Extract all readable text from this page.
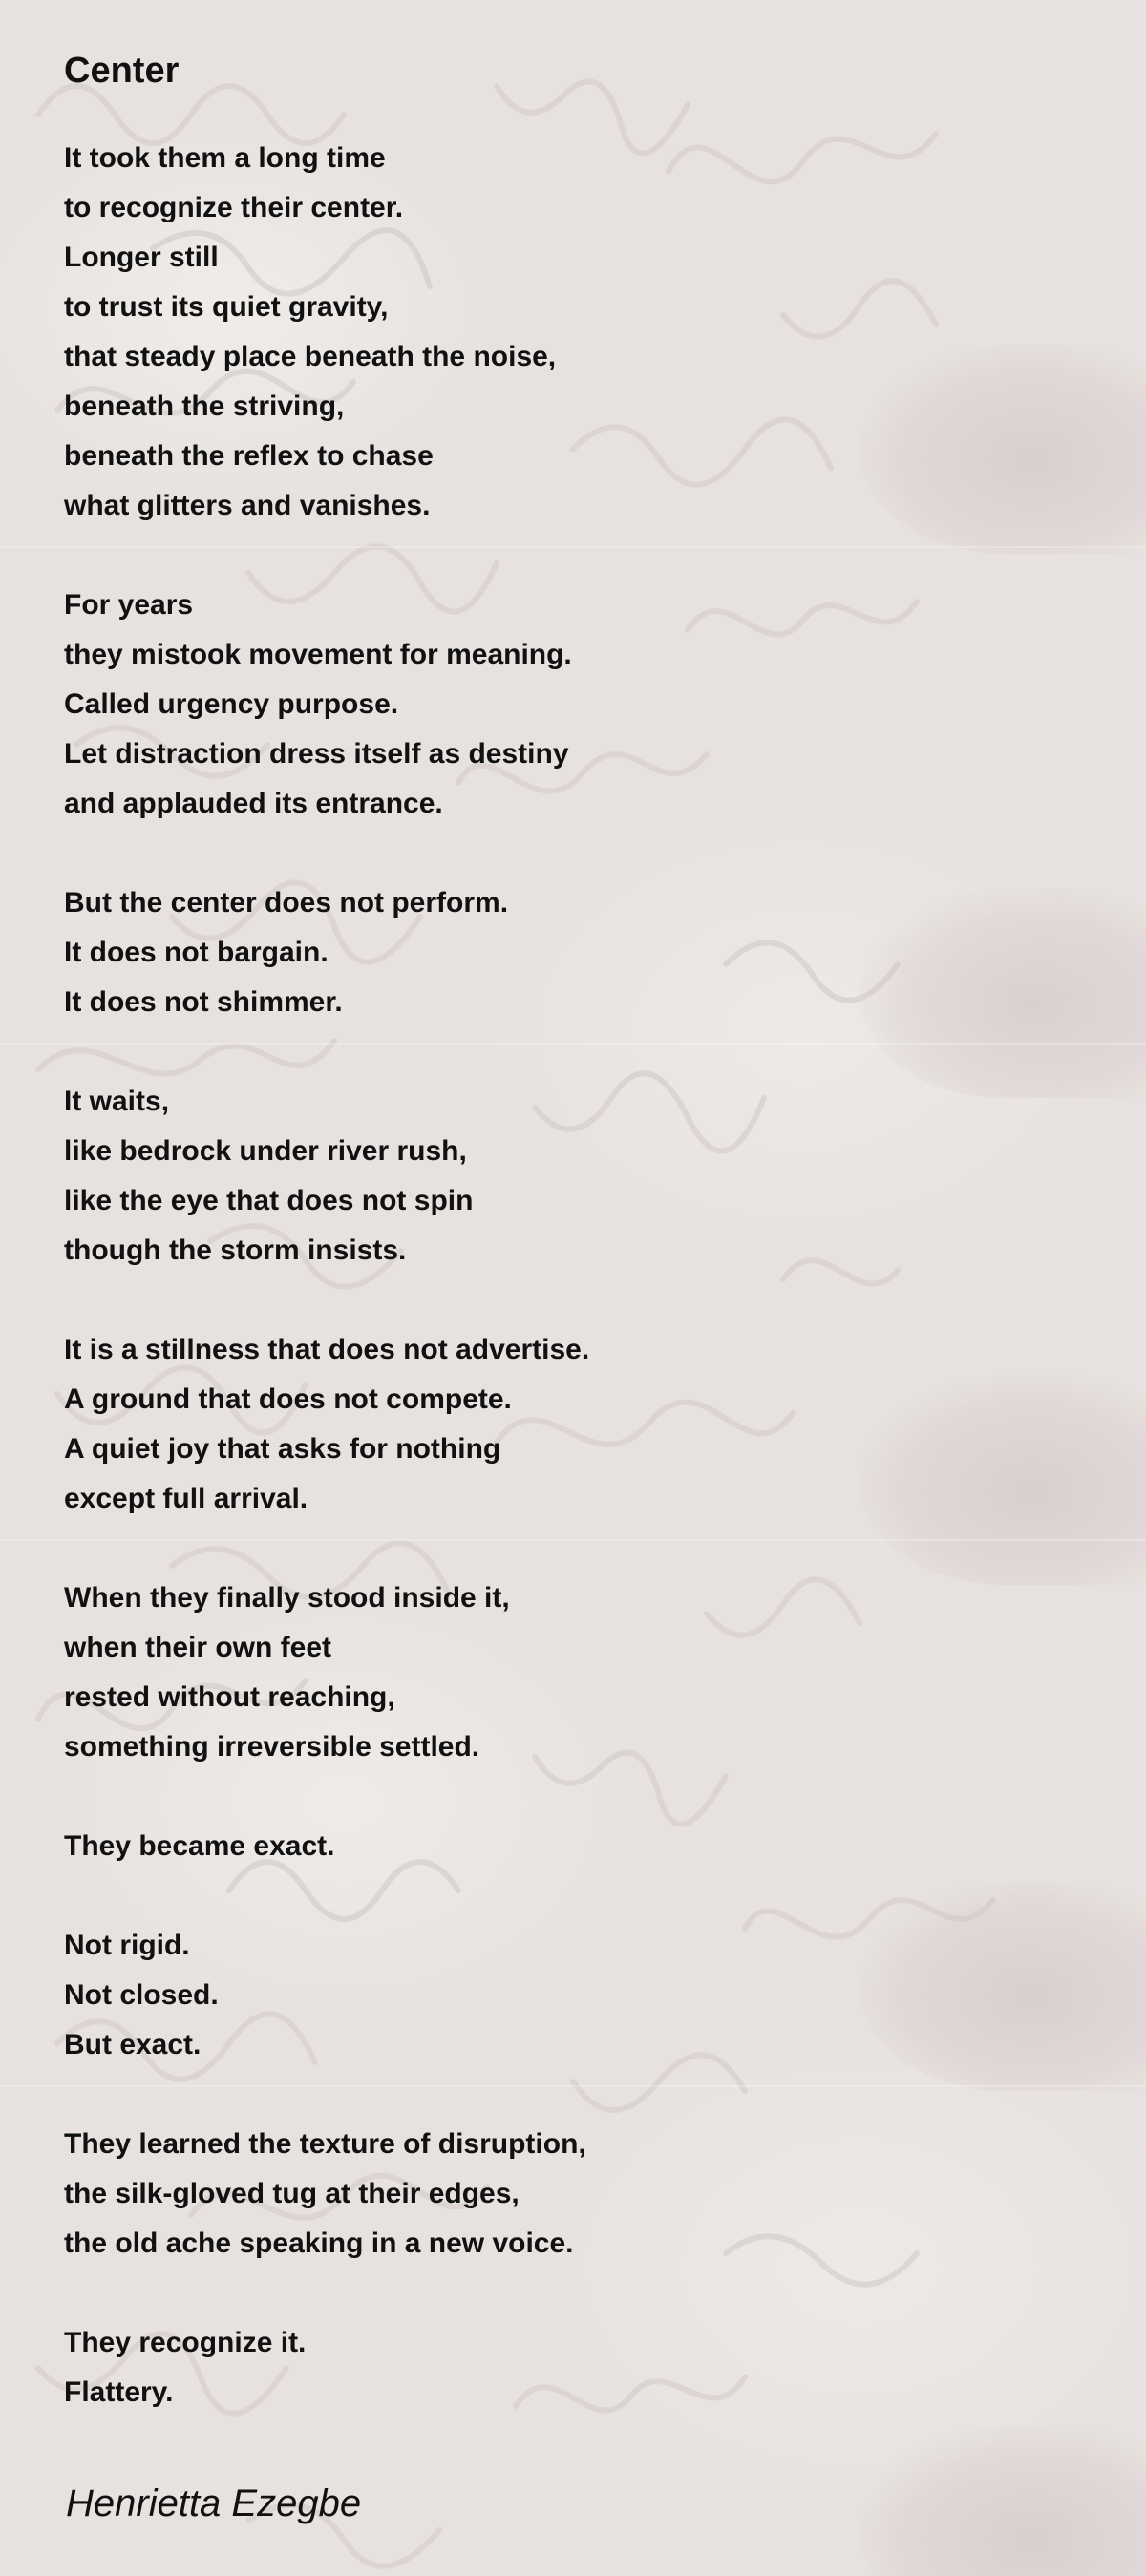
Center
It took them a long time
to recognize their center.
Longer still
to trust its quiet gravity,
that steady place beneath the noise,
beneath the striving,
beneath the reflex to chase
what glitters and vanishes.
For years
they mistook movement for meaning.
Called urgency purpose.
Let distraction dress itself as destiny
and applauded its entrance.
But the center does not perform.
It does not bargain.
It does not shimmer.
It waits,
like bedrock under river rush,
like the eye that does not spin
though the storm insists.
It is a stillness that does not advertise.
A ground that does not compete.
A quiet joy that asks for nothing
except full arrival.
When they finally stood inside it,
when their own feet
rested without reaching,
something irreversible settled.
They became exact.
Not rigid.
Not closed.
But exact.
They learned the texture of disruption,
the silk-gloved tug at their edges,
the old ache speaking in a new voice.
They recognize it.
Flattery.
Henrietta Ezegbe
